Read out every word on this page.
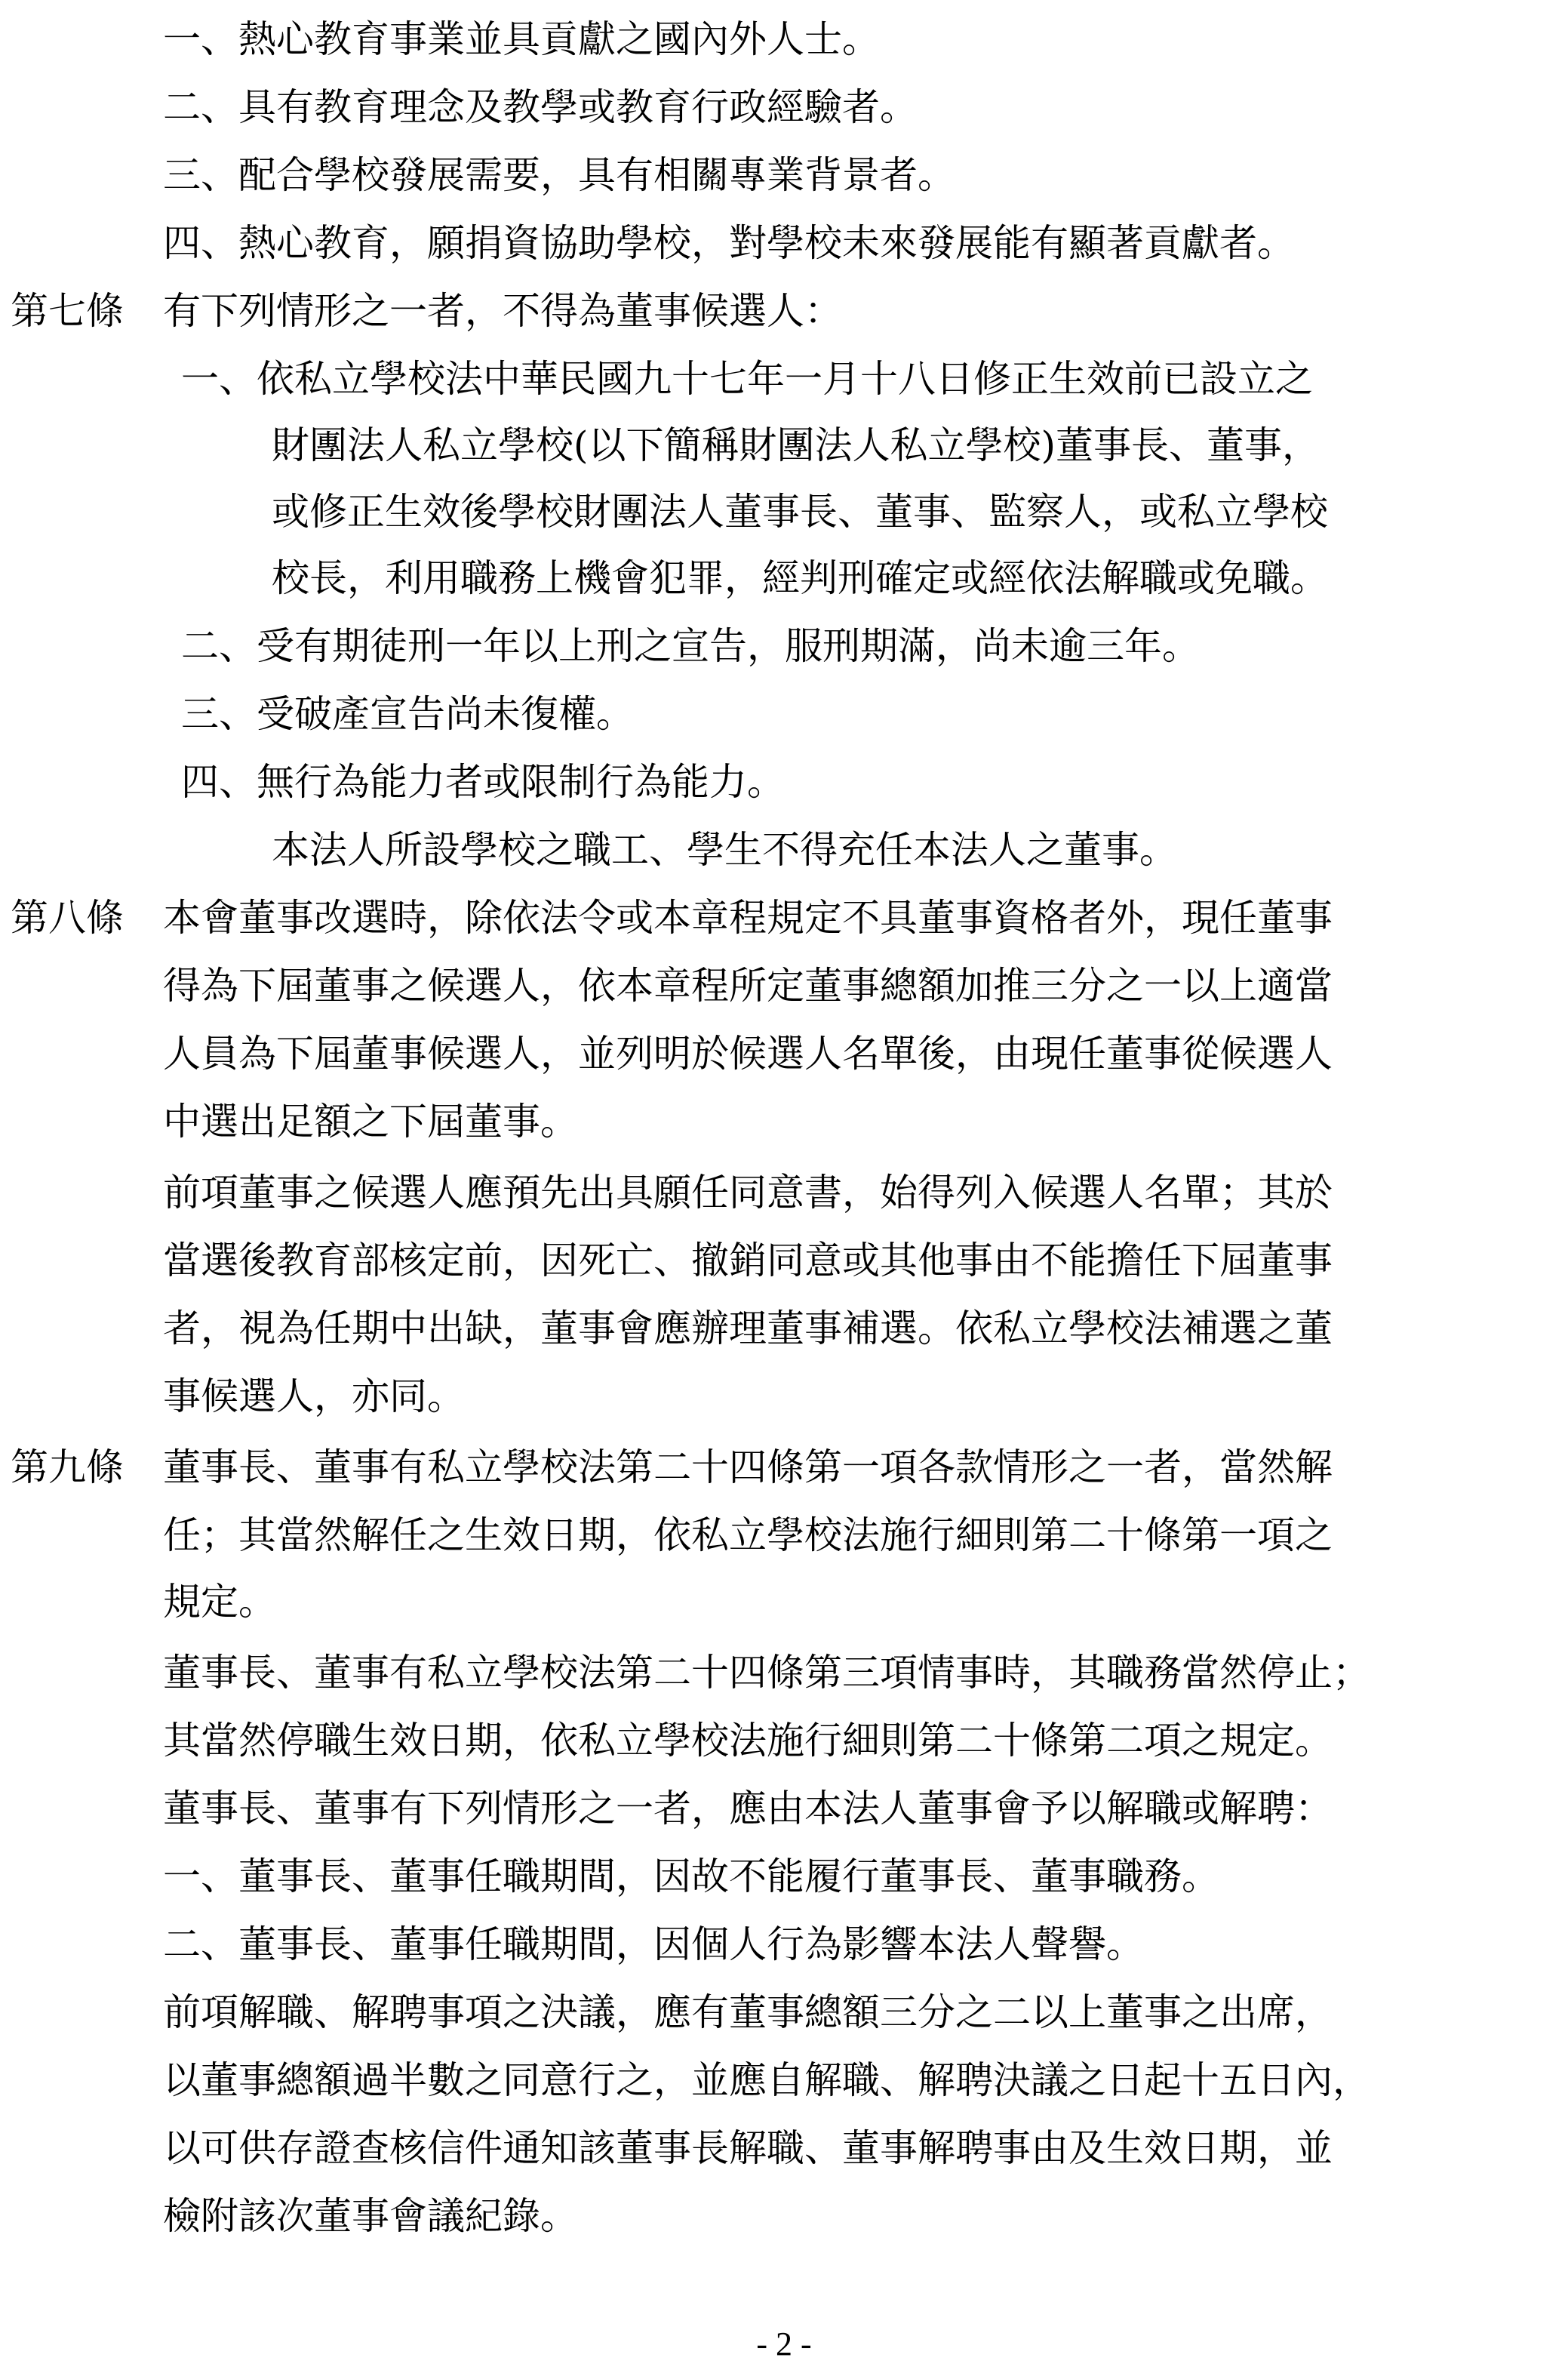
一、熱心教育事業並具貢獻之國內外人士。
二、具有教育理念及教學或教育行政經驗者。
三、配合學校發展需要，具有相關專業背景者。
四、熱心教育，願捐資協助學校，對學校未來發展能有顯著貢獻者。
第七條 有下列情形之一者，不得為董事候選人：
一、依私立學校法中華民國九十七年一月十八日修正生效前已設立之
財團法人私立學校(以下簡稱財團法人私立學校)董事長、董事，
或修正生效後學校財團法人董事長、董事、監察人，或私立學校
校長，利用職務上機會犯罪，經判刑確定或經依法解職或免職。
二、受有期徒刑一年以上刑之宣告，服刑期滿，尚未逾三年。
三、受破產宣告尚未復權。
四、無行為能力者或限制行為能力。
本法人所設學校之職工、學生不得充任本法人之董事。
第八條 本會董事改選時，除依法令或本章程規定不具董事資格者外，現任董事
得為下屆董事之候選人，依本章程所定董事總額加推三分之一以上適當
人員為下屆董事候選人，並列明於候選人名單後，由現任董事從候選人
中選出足額之下屆董事。
前項董事之候選人應預先出具願任同意書，始得列入候選人名單；其於
當選後教育部核定前，因死亡、撤銷同意或其他事由不能擔任下屆董事
者，視為任期中出缺，董事會應辦理董事補選。依私立學校法補選之董
事候選人，亦同。
第九條 董事長、董事有私立學校法第二十四條第一項各款情形之一者，當然解
任；其當然解任之生效日期，依私立學校法施行細則第二十條第一項之
規定。
董事長、董事有私立學校法第二十四條第三項情事時，其職務當然停止；
其當然停職生效日期，依私立學校法施行細則第二十條第二項之規定。
董事長、董事有下列情形之一者，應由本法人董事會予以解職或解聘：
一、董事長、董事任職期間，因故不能履行董事長、董事職務。
二、董事長、董事任職期間，因個人行為影響本法人聲譽。
前項解職、解聘事項之決議，應有董事總額三分之二以上董事之出席，
以董事總額過半數之同意行之，並應自解職、解聘決議之日起十五日內，
以可供存證查核信件通知該董事長解職、董事解聘事由及生效日期，並
檢附該次董事會議紀錄。
- 2 -
